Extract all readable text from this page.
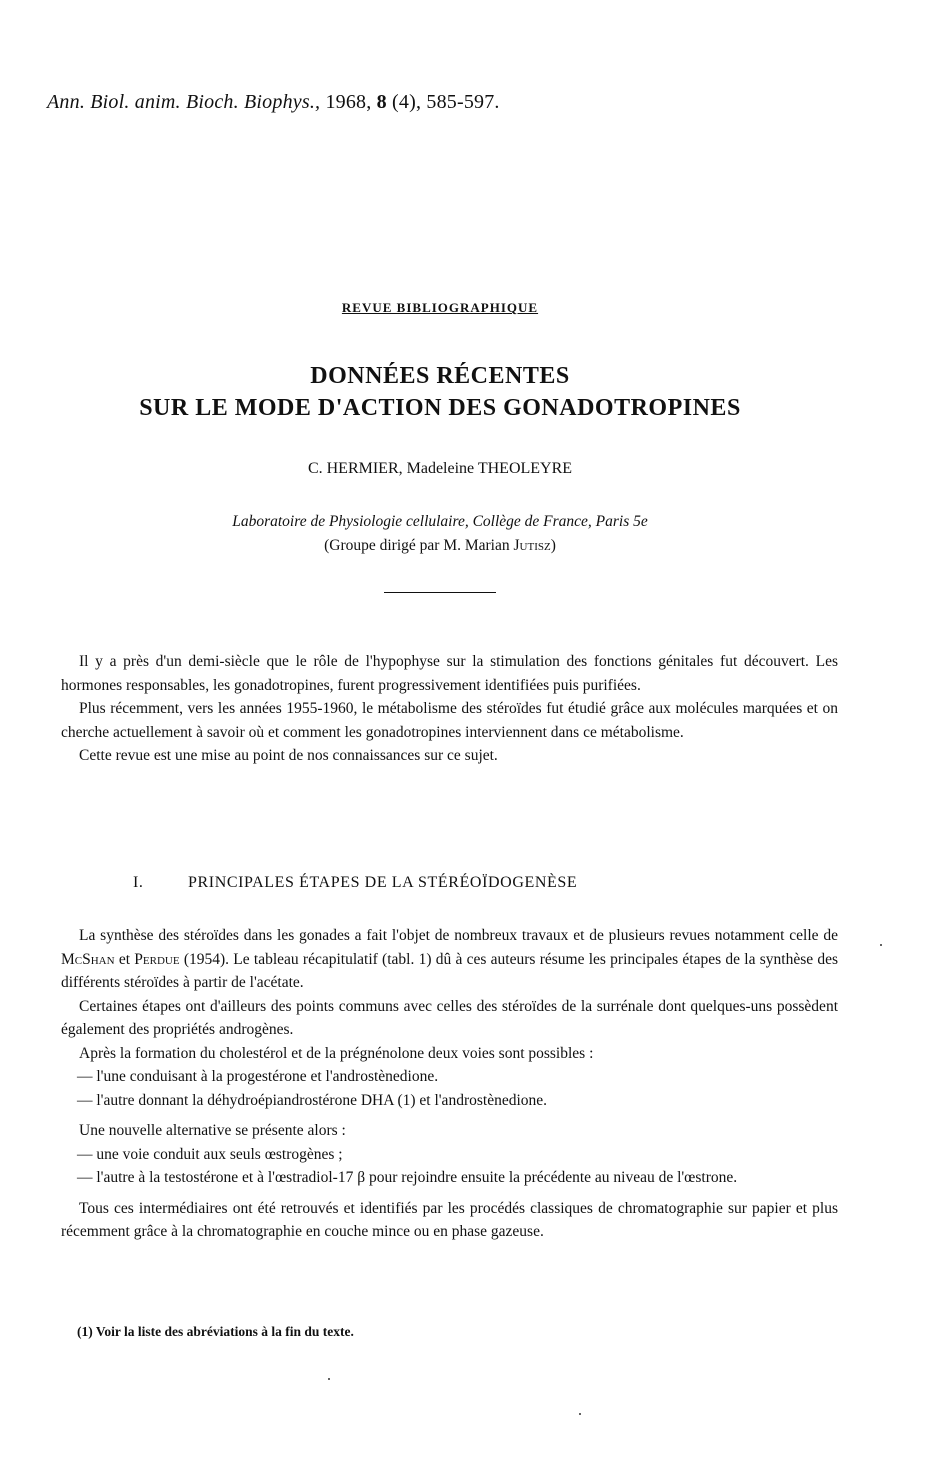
Ann. Biol. anim. Bioch. Biophys., 1968, 8 (4), 585-597.
REVUE BIBLIOGRAPHIQUE
DONNÉES RÉCENTES
SUR LE MODE D'ACTION DES GONADOTROPINES
C. HERMIER, Madeleine THEOLEYRE
Laboratoire de Physiologie cellulaire, Collège de France, Paris 5e
(Groupe dirigé par M. Marian Jutisz)

Il y a près d'un demi-siècle que le rôle de l'hypophyse sur la stimulation des fonctions génitales fut découvert. Les hormones responsables, les gonadotropines, furent progressivement identifiées puis purifiées.

Plus récemment, vers les années 1955-1960, le métabolisme des stéroïdes fut étudié grâce aux molécules marquées et on cherche actuellement à savoir où et comment les gonadotropines interviennent dans ce métabolisme.

Cette revue est une mise au point de nos connaissances sur ce sujet.

I.	PRINCIPALES ÉTAPES DE LA STÉRÉOÏDOGENÈSE

La synthèse des stéroïdes dans les gonades a fait l'objet de nombreux travaux et de plusieurs revues notamment celle de McShan et Perdue (1954). Le tableau récapitulatif (tabl. 1) dû à ces auteurs résume les principales étapes de la synthèse des différents stéroïdes à partir de l'acétate.

Certaines étapes ont d'ailleurs des points communs avec celles des stéroïdes de la surrénale dont quelques-uns possèdent également des propriétés androgènes.

Après la formation du cholestérol et de la prégnénolone deux voies sont possibles :

— l'une conduisant à la progestérone et l'androstènedione.

— l'autre donnant la déhydroépiandrostérone DHA (1) et l'androstènedione.

Une nouvelle alternative se présente alors :

— une voie conduit aux seuls œstrogènes ;

— l'autre à la testostérone et à l'œstradiol-17 β pour rejoindre ensuite la précédente au niveau de l'œstrone.

Tous ces intermédiaires ont été retrouvés et identifiés par les procédés classiques de chromatographie sur papier et plus récemment grâce à la chromatographie en couche mince ou en phase gazeuse.

(1) Voir la liste des abréviations à la fin du texte.
